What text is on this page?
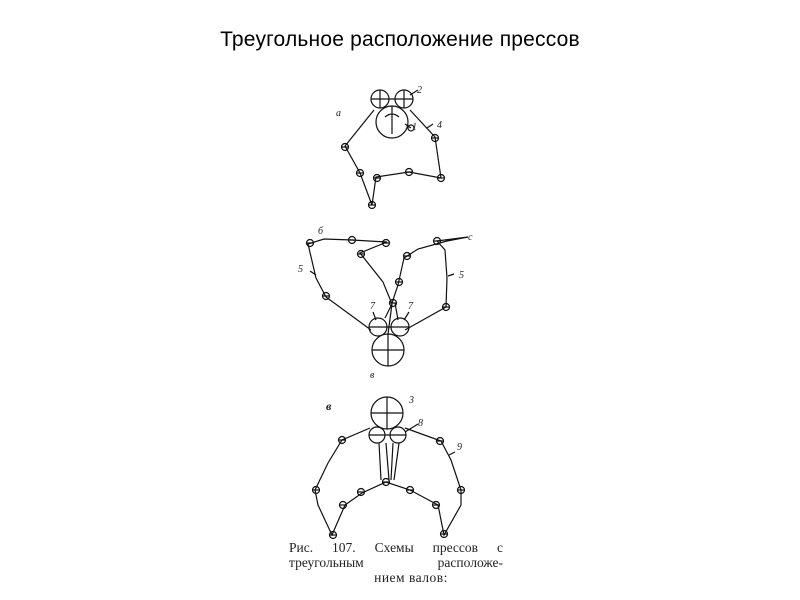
Треугольное расположение прессов
а
2
1 4
б
с
5
5
7	7
в
в	3
8
9
Рис. 107. Схемы прессов с
треугольным расположе-
нием валов:
